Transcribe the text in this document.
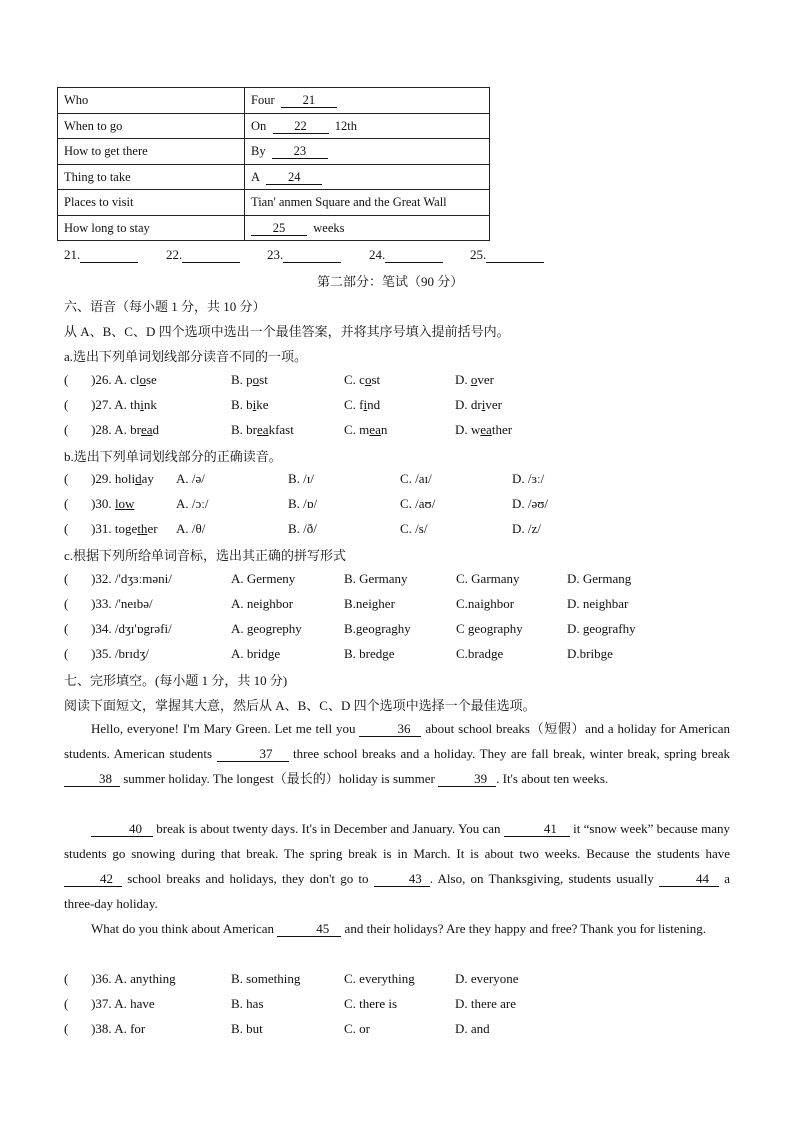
Who	Four 21
When to go	On 22 12th
How to get there	By 23
Thing to take	A 24
Places to visit	Tian' anmen Square and the Great Wall
How long to stay	25 weeks
21.	22.	23.	24.	25.
第二部分：笔试（90 分）
六、语音（每小题 1 分，共 10 分）
从 A、B、C、D 四个选项中选出一个最佳答案，并将其序号填入提前括号内。
a.选出下列单词划线部分读音不同的一项。
(       )26. A. close	B. post	C. cost	D. over
(       )27. A. think	B. bike	C. find	D. driver
(       )28. A. bread	B. breakfast	C. mean	D. weather
b.选出下列单词划线部分的正确读音。
(       )29. holiday A. /ə/	B. /ɪ/	C. /aɪ/	D. /ɜː/
(       )30. low	A. /ɔː/	B. /ɒ/	C. /aʊ/	D. /əʊ/
(       )31. together A. /θ/	B. /ð/	C. /s/	D. /z/
c.根据下列所给单词音标，选出其正确的拼写形式
(       )32. /'dʒɜːməni/	A. Germeny	B. Germany	C. Garmany	D. Germang
(       )33. /'neɪbə/	A. neighbor	B.neigher	C.naighbor	D. neighbar
(       )34. /dʒɪ'ɒgrəfi/	A. geogrephy	B.geograghy	C geography	D. geografhy
(       )35. /brɪdʒ/	A. bridge	B. bredge	C.bradge	D.bribge
七、完形填空。(每小题 1 分，共 10 分)
阅读下面短文，掌握其大意，然后从 A、B、C、D 四个选项中选择一个最佳选项。
Hello, everyone! I'm Mary Green. Let me tell you	36 about school breaks（短假）and a holiday for American students. American students	37 three school breaks and a holiday. They are fall break, winter break, spring break 38 summer holiday. The longest（最长的）holiday is summer	39 . It's about ten weeks.
40 break is about twenty days. It's in December and January. You can	41 it “snow week” because many students go snowing during that break. The spring break is in March. It is about two weeks. Because the students have 42 school breaks and holidays, they don't go to	43 . Also, on Thanksgiving, students usually	44 a three-day holiday.
What do you think about American	45 and their holidays? Are they happy and free? Thank you for listening.
(       )36. A. anything	B. something	C. everything	D. everyone
(       )37. A. have	B. has	C. there is	D. there are
(       )38. A. for	B. but	C. or	D. and
